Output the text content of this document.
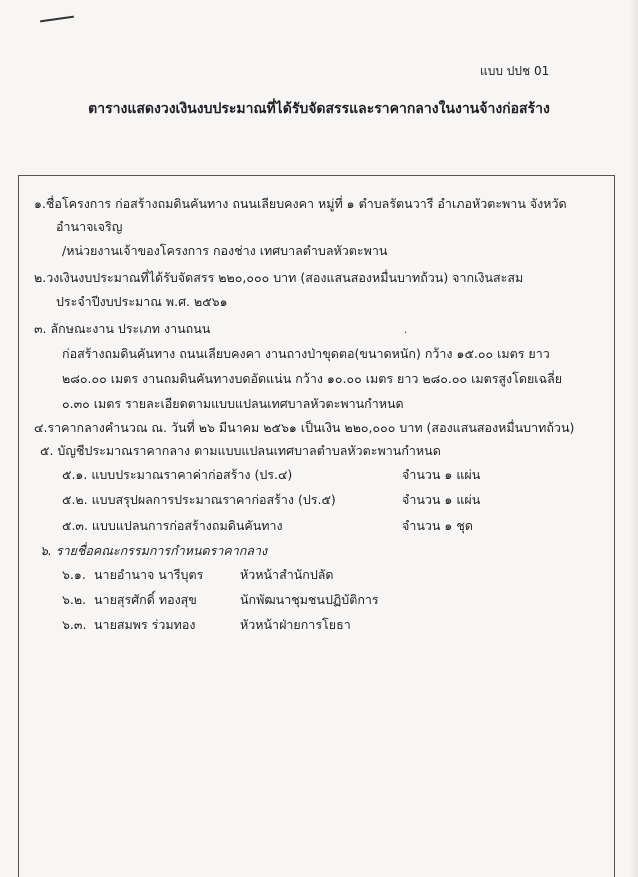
แบบ ปปช 01
ตารางแสดงวงเงินงบประมาณที่ได้รับจัดสรรและราคากลางในงานจ้างก่อสร้าง
๑.ชื่อโครงการ ก่อสร้างถมดินคันทาง ถนนเลียบคงคา หมู่ที่ ๑ ตำบลรัตนวารี อำเภอหัวตะพาน จังหวัด
อำนาจเจริญ
/หน่วยงานเจ้าของโครงการ กองช่าง เทศบาลตำบลหัวตะพาน
๒.วงเงินงบประมาณที่ได้รับจัดสรร ๒๒๐,๐๐๐ บาท (สองแสนสองหมื่นบาทถ้วน) จากเงินสะสม
ประจำปีงบประมาณ พ.ศ. ๒๕๖๑
๓. ลักษณะงาน ประเภท งานถนน
ก่อสร้างถมดินคันทาง ถนนเลียบคงคา งานถางป่าขุดตอ(ขนาดหนัก) กว้าง ๑๕.๐๐ เมตร ยาว
๒๘๐.๐๐ เมตร งานถมดินคันทางบดอัดแน่น กว้าง ๑๐.๐๐ เมตร ยาว ๒๘๐.๐๐ เมตรสูงโดยเฉลี่ย
๐.๓๐ เมตร รายละเอียดตามแบบแปลนเทศบาลหัวตะพานกำหนด
๔.ราคากลางคำนวณ ณ. วันที่ ๒๖ มีนาคม ๒๕๖๑ เป็นเงิน ๒๒๐,๐๐๐ บาท (สองแสนสองหมื่นบาทถ้วน)
๕. บัญชีประมาณราคากลาง ตามแบบแปลนเทศบาลตำบลหัวตะพานกำหนด
๕.๑. แบบประมาณราคาค่าก่อสร้าง (ปร.๔)	จำนวน ๑ แผ่น
๕.๒. แบบสรุปผลการประมาณราคาก่อสร้าง (ปร.๕)	จำนวน ๑ แผ่น
๕.๓. แบบแปลนการก่อสร้างถมดินคันทาง	จำนวน ๑ ชุด
๖. รายชื่อคณะกรรมการกำหนดราคากลาง
๖.๑. นายอำนาจ นารีบุตร	หัวหน้าสำนักปลัด
๖.๒. นายสุรศักดิ์ ทองสุข	นักพัฒนาชุมชนปฏิบัติการ
๖.๓. นายสมพร ร่วมทอง	หัวหน้าฝ่ายการโยธา
·
